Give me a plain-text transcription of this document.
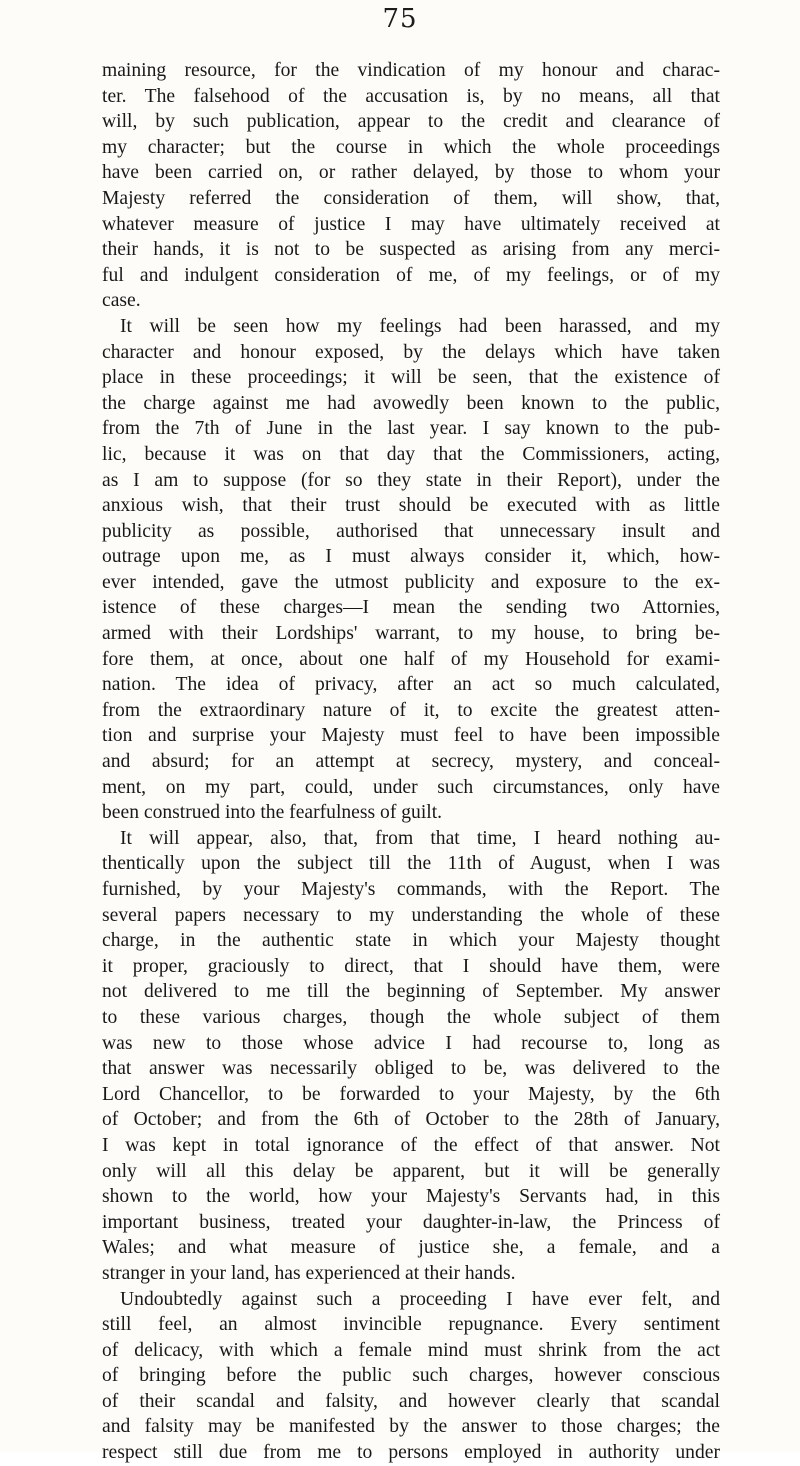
75
maining resource, for the vindication of my honour and charac-
ter. The falsehood of the accusation is, by no means, all that
will, by such publication, appear to the credit and clearance of
my character; but the course in which the whole proceedings
have been carried on, or rather delayed, by those to whom your
Majesty referred the consideration of them, will show, that,
whatever measure of justice I may have ultimately received at
their hands, it is not to be suspected as arising from any merci-
ful and indulgent consideration of me, of my feelings, or of my
case.
It will be seen how my feelings had been harassed, and my
character and honour exposed, by the delays which have taken
place in these proceedings; it will be seen, that the existence of
the charge against me had avowedly been known to the public,
from the 7th of June in the last year. I say known to the pub-
lic, because it was on that day that the Commissioners, acting,
as I am to suppose (for so they state in their Report), under the
anxious wish, that their trust should be executed with as little
publicity as possible, authorised that unnecessary insult and
outrage upon me, as I must always consider it, which, how-
ever intended, gave the utmost publicity and exposure to the ex-
istence of these charges—I mean the sending two Attornies,
armed with their Lordships' warrant, to my house, to bring be-
fore them, at once, about one half of my Household for exami-
nation. The idea of privacy, after an act so much calculated,
from the extraordinary nature of it, to excite the greatest atten-
tion and surprise your Majesty must feel to have been impossible
and absurd; for an attempt at secrecy, mystery, and conceal-
ment, on my part, could, under such circumstances, only have
been construed into the fearfulness of guilt.
It will appear, also, that, from that time, I heard nothing au-
thentically upon the subject till the 11th of August, when I was
furnished, by your Majesty's commands, with the Report. The
several papers necessary to my understanding the whole of these
charge, in the authentic state in which your Majesty thought
it proper, graciously to direct, that I should have them, were
not delivered to me till the beginning of September. My answer
to these various charges, though the whole subject of them
was new to those whose advice I had recourse to, long as
that answer was necessarily obliged to be, was delivered to the
Lord Chancellor, to be forwarded to your Majesty, by the 6th
of October; and from the 6th of October to the 28th of January,
I was kept in total ignorance of the effect of that answer. Not
only will all this delay be apparent, but it will be generally
shown to the world, how your Majesty's Servants had, in this
important business, treated your daughter-in-law, the Princess of
Wales; and what measure of justice she, a female, and a
stranger in your land, has experienced at their hands.
Undoubtedly against such a proceeding I have ever felt, and
still feel, an almost invincible repugnance. Every sentiment
of delicacy, with which a female mind must shrink from the act
of bringing before the public such charges, however conscious
of their scandal and falsity, and however clearly that scandal
and falsity may be manifested by the answer to those charges; the
respect still due from me to persons employed in authority under
